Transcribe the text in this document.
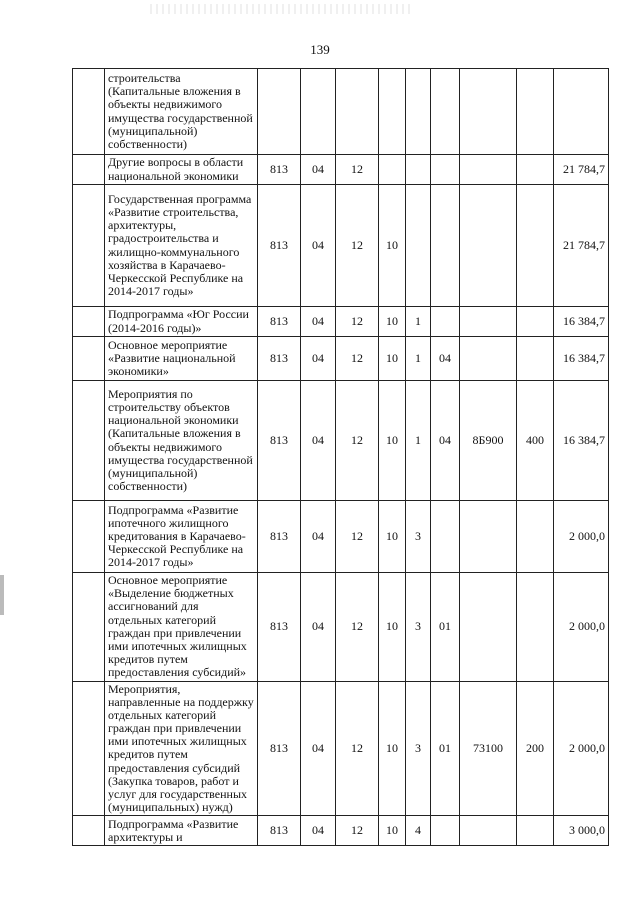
139
	строительства (Капитальные вложения в объекты недвижимого имущества государственной (муниципальной) собственности)									
	Другие вопросы в области национальной экономики	813	04	12						21 784,7
	Государственная программа «Развитие строительства, архитектуры, градостроительства и жилищно-коммунального хозяйства в Карачаево-Черкесской Республике на 2014-2017 годы»	813	04	12	10					21 784,7
	Подпрограмма «Юг России (2014-2016 годы)»	813	04	12	10	1				16 384,7
	Основное мероприятие «Развитие национальной экономики»	813	04	12	10	1	04			16 384,7
	Мероприятия по строительству объектов национальной экономики (Капитальные вложения в объекты недвижимого имущества государственной (муниципальной) собственности)	813	04	12	10	1	04	8Б900	400	16 384,7
	Подпрограмма «Развитие ипотечного жилищного кредитования в Карачаево-Черкесской Республике на 2014-2017 годы»	813	04	12	10	3				2 000,0
	Основное мероприятие «Выделение бюджетных ассигнований для отдельных категорий граждан при привлечении ими ипотечных жилищных кредитов путем предоставления субсидий»	813	04	12	10	3	01			2 000,0
	Мероприятия, направленные на поддержку отдельных категорий граждан при привлечении ими ипотечных жилищных кредитов путем предоставления субсидий (Закупка товаров, работ и услуг для государственных (муниципальных) нужд)	813	04	12	10	3	01	73100	200	2 000,0
	Подпрограмма «Развитие архитектуры и	813	04	12	10	4				3 000,0
